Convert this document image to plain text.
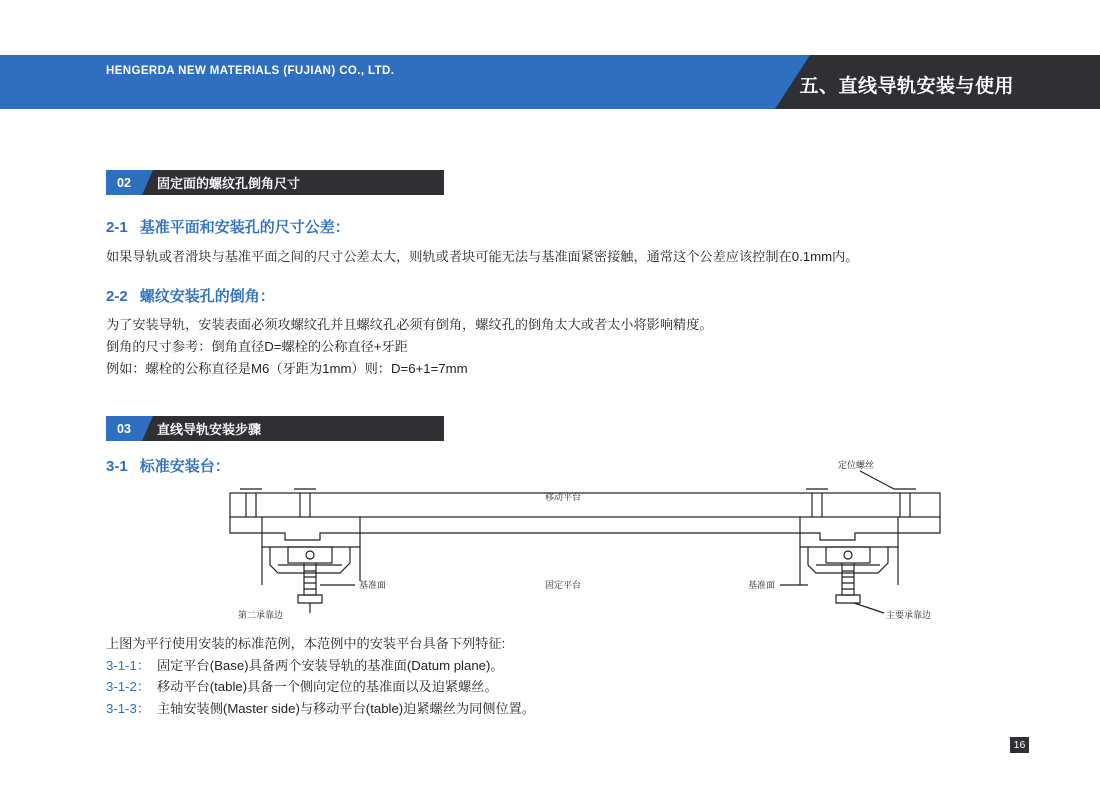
HENGERDA NEW MATERIALS (FUJIAN) CO., LTD.
五、直线导轨安装与使用
02	固定面的螺纹孔倒角尺寸
2-1 基准平面和安装孔的尺寸公差：
如果导轨或者滑块与基准平面之间的尺寸公差太大，则轨或者块可能无法与基准面紧密接触，通常这个公差应该控制在0.1mm内。
2-2 螺纹安装孔的倒角：
为了安装导轨，安装表面必须攻螺纹孔并且螺纹孔必须有倒角，螺纹孔的倒角太大或者太小将影响精度。
倒角的尺寸参考：倒角直径D=螺栓的公称直径+牙距
例如：螺栓的公称直径是M6（牙距为1mm）则：D=6+1=7mm
03	直线导轨安装步骤
3-1 标准安装台：	定位螺丝
移动平台
固定平台
基准面	基准面
第二承靠边	主要承靠边
上图为平行使用安装的标准范例，本范例中的安装平台具备下列特征:
3-1-1： 固定平台(Base)具备两个安装导轨的基准面(Datum plane)。
3-1-2： 移动平台(table)具备一个侧向定位的基准面以及迫紧螺丝。
3-1-3： 主轴安装侧(Master side)与移动平台(table)迫紧螺丝为同侧位置。
16
